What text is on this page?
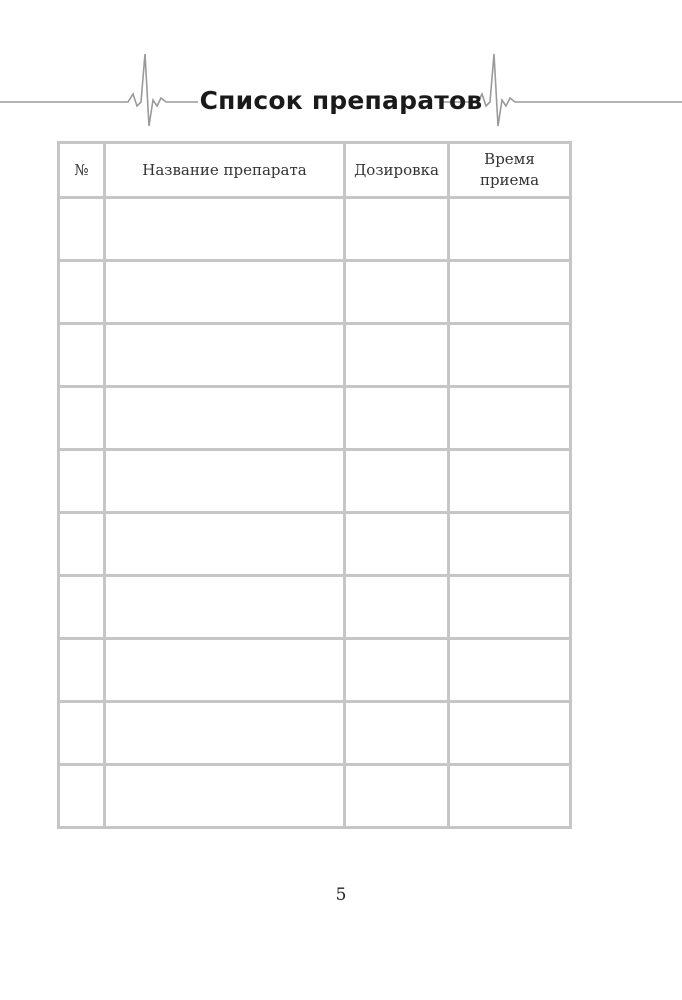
Список препаратов
№	Название препарата	Дозировка	Время приема

5
